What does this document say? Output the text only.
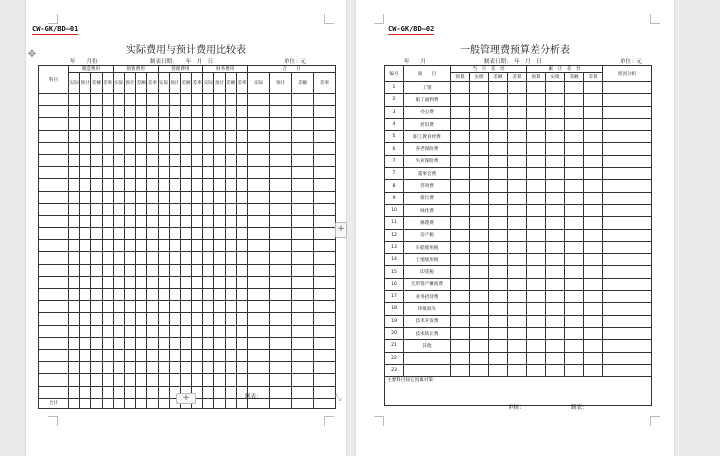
CW-GK/BD—01
实际费用与预计费用比较表
年　　月份	制表日期：　　年　月　日	单位：元
✥
科目	制造费用				销售费用				管理费用				财务费用				合　　计			
	实际	预计	差额	差率	实际	预计	差额	差率	实际	预计	差额	差率	实际	预计	差额	差率	实际	预计	差额	差率

合计																				
制表：
+	⤡
+
CW-GK/BD—02
一般管理费预算差分析表
年　　月	制表日期：　年　月　日	单位：元
编号	项　　目	当　月　差　异				累　计　差　异				原因分析
		预算	实绩	差额	差算	预算	实绩	差额	差算	
1	工资									
2	职工福利费									
3	办公费									
4	折旧费									
5	职工教育经费									
6	养老保险费									
7	失业保险费									
7	董事会费									
8	咨询费									
9	排污费									
10	绿化费									
11	修理费									
12	房产税									
13	车船使用税									
14	土地使用税									
15	印花税									
16	无形资产摊销费									
17	业务招待费									
18	坏账损失									
19	技术开发费									
20	技术转让费									
21	其他									
22										
23										
主要科目间它因素对策：										
审核：	制表：
